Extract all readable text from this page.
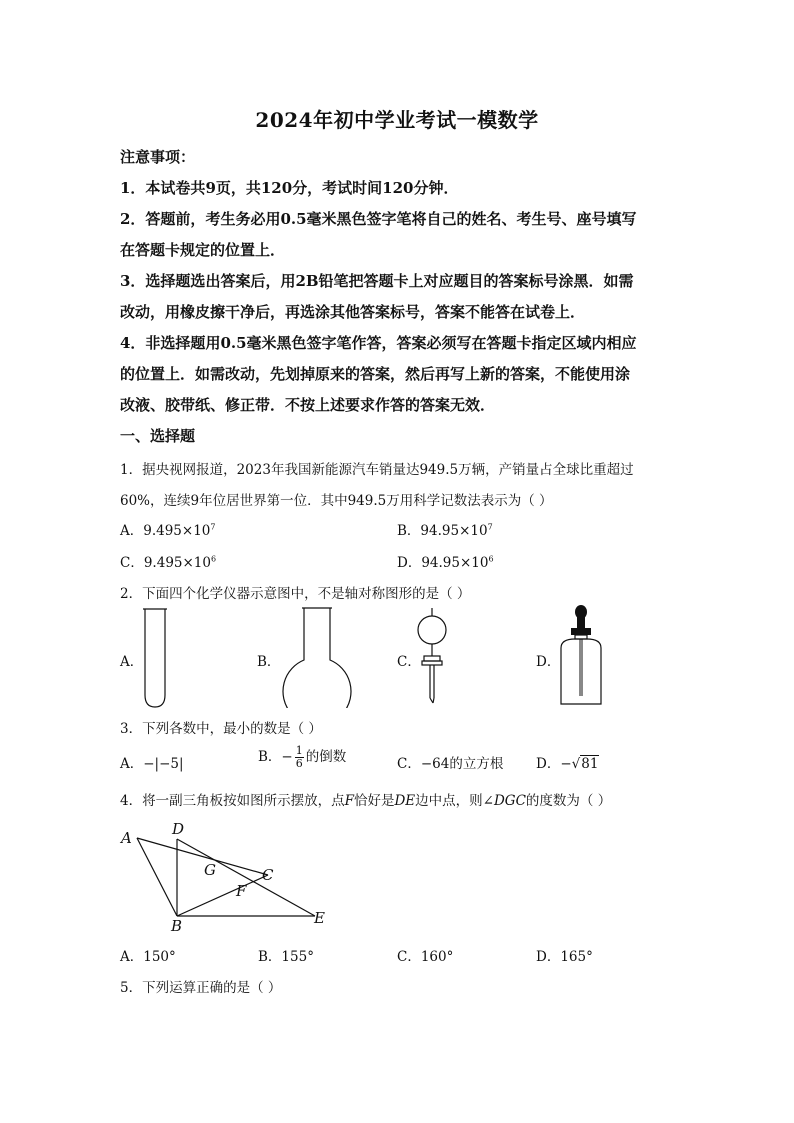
2024年初中学业考试一模数学
注意事项：
1．本试卷共9页，共120分，考试时间120分钟．
2．答题前，考生务必用0.5毫米黑色签字笔将自己的姓名、考生号、座号填写
在答题卡规定的位置上．
3．选择题选出答案后，用2B铅笔把答题卡上对应题目的答案标号涂黑．如需
改动，用橡皮擦干净后，再选涂其他答案标号，答案不能答在试卷上．
4．非选择题用0.5毫米黑色签字笔作答，答案必须写在答题卡指定区域内相应
的位置上．如需改动，先划掉原来的答案，然后再写上新的答案，不能使用涂
改液、胶带纸、修正带．不按上述要求作答的答案无效．
一、选择题
1．据央视网报道，2023年我国新能源汽车销量达949.5万辆，产销量占全球比重超过
60%，连续9年位居世界第一位．其中949.5万用科学记数法表示为（ ）
A．$9.495\times 10^7$	B．$94.95\times 10^7$
C．$9.495\times 10^6$	D．$94.95\times 10^6$
2．下面四个化学仪器示意图中，不是轴对称图形的是（ ）
A．	B．	C．	D．
3．下列各数中，最小的数是（ ）
A．−|−5|	B．− $\frac{1}{6}$ 的倒数	C．−64的立方根 D．−√81
4．将一副三角板按如图所示摆放，点F恰好是DE边中点，则∠DGC的度数为（ ）
A	D
G	C
F
B	E
A．150°	B．155°	C．160°	D．165°
5．下列运算正确的是（ ）
